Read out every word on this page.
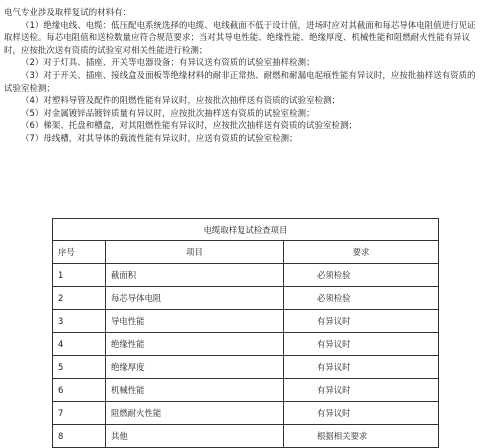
电气专业涉及取样复试的材料有：

（1）绝缘电线、电缆：低压配电系统选择的电缆、电线截面不低于设计值，进场时应对其截面和每芯导体电阻值进行见证取样送检。每芯电阻值和送检数量应符合规范要求；当对其导电性能、绝缘性能、绝缘厚度、机械性能和阻燃耐火性能有异议时，应按批次送有资质的试验室对相关性能进行检测；

（2）对于灯具、插座、开关等电器设备；有异议送有资质的试验室抽样检测；

（3）对于开关、插座、接线盒及面板等绝缘材料的耐非正常热、耐燃和耐漏电起痕性能有异议时，应按批抽样送有资质的试验室检测；

（4）对塑料导管及配件的阻燃性能有异议时，应按批次抽样送有资质的试验室检测；

（5）对金属镀锌品镀锌质量有异议时，应按批次抽样送有资质的试验室检测；

（6）梯架、托盘和槽盒，对其阻燃性能有异议时，应按批次抽样送有资质的试验室检测；

（7）母线槽，对其导体的载流性能有异议时，应送有资质的试验室检测；

电缆取样复试检查项目		
序号	项目	要求
1	截面积	必须检验
2	每芯导体电阻	必须检验
3	导电性能	有异议时
4	绝缘性能	有异议时
5	绝缘厚度	有异议时
6	机械性能	有异议时
7	阻燃耐火性能	有异议时
8	其他	根据相关要求
